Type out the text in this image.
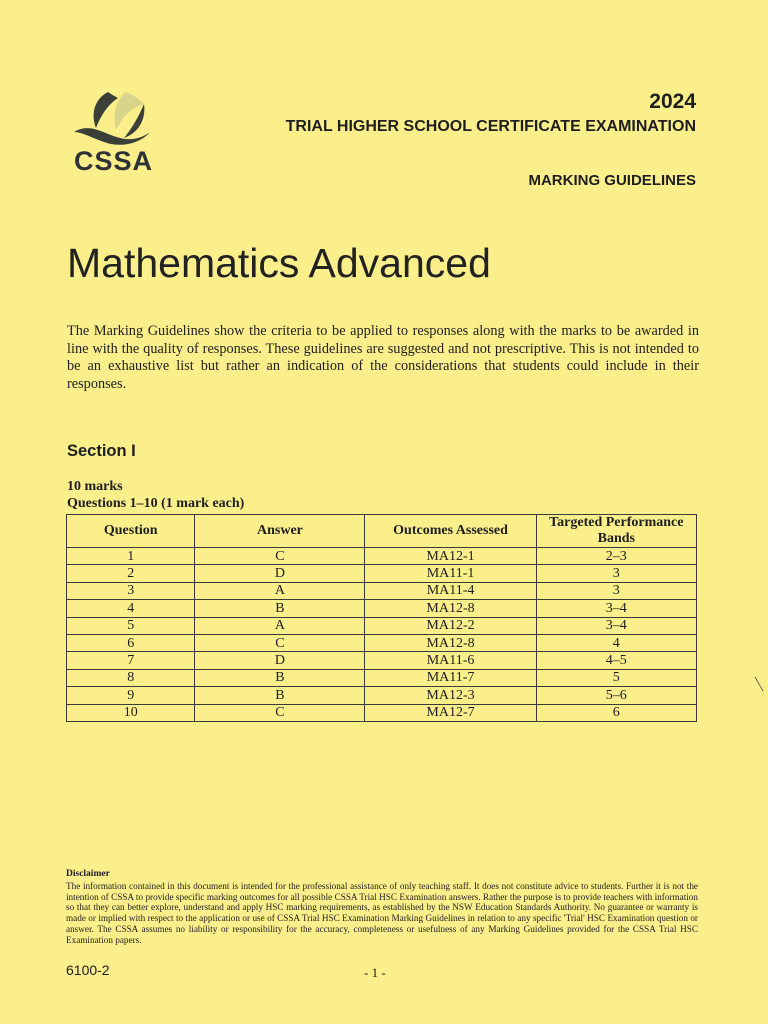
CSSA
2024
TRIAL HIGHER SCHOOL CERTIFICATE EXAMINATION
MARKING GUIDELINES
Mathematics Advanced
The Marking Guidelines show the criteria to be applied to responses along with the marks to be awarded in line with the quality of responses. These guidelines are suggested and not prescriptive. This is not intended to be an exhaustive list but rather an indication of the considerations that students could include in their responses.
Section I
10 marks
Questions 1–10 (1 mark each)
Question	Answer	Outcomes Assessed	Targeted Performance Bands
1	C	MA12-1	2–3
2	D	MA11-1	3
3	A	MA11-4	3
4	B	MA12-8	3–4
5	A	MA12-2	3–4
6	C	MA12-8	4
7	D	MA11-6	4–5
8	B	MA11-7	5
9	B	MA12-3	5–6
10	C	MA12-7	6
Disclaimer
The information contained in this document is intended for the professional assistance of only teaching staff. It does not constitute advice to students. Further it is not the intention of CSSA to provide specific marking outcomes for all possible CSSA Trial HSC Examination answers. Rather the purpose is to provide teachers with information so that they can better explore, understand and apply HSC marking requirements, as established by the NSW Education Standards Authority. No guarantee or warranty is made or implied with respect to the application or use of CSSA Trial HSC Examination Marking Guidelines in relation to any specific 'Trial' HSC Examination question or answer. The CSSA assumes no liability or responsibility for the accuracy, completeness or usefulness of any Marking Guidelines provided for the CSSA Trial HSC Examination papers.
6100-2	- 1 -
